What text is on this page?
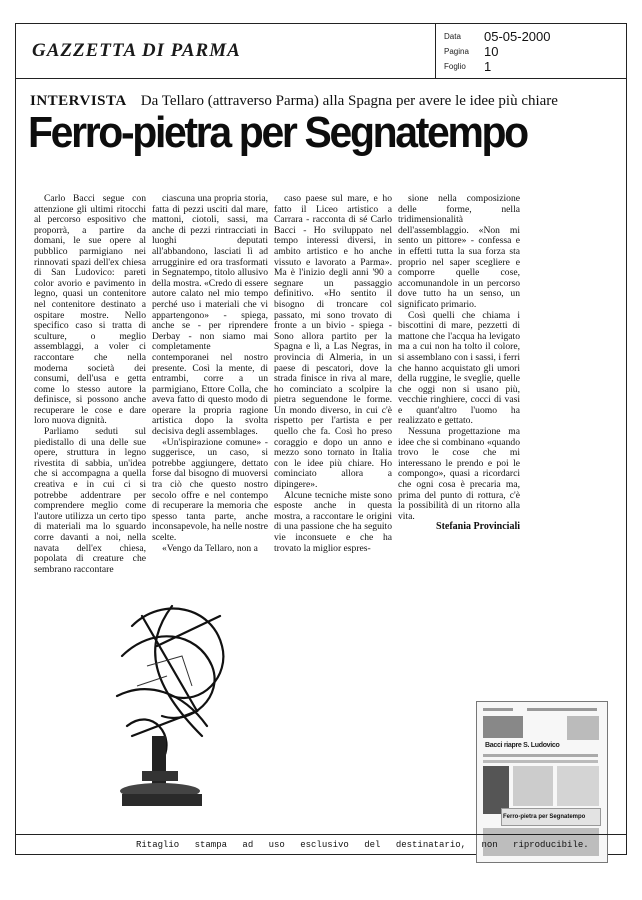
GAZZETTA DI PARMA
Data 05-05-2000
Pagina 10
Foglio 1
INTERVISTA Da Tellaro (attraverso Parma) alla Spagna per avere le idee più chiare
Ferro-pietra per Segnatempo

Carlo Bacci segue con attenzione gli ultimi ritocchi al percorso espositivo che proporrà, a partire da domani, le sue opere al pubblico parmigiano nei rinnovati spazi dell'ex chiesa di San Ludovico: pareti color avorio e pavimento in legno, quasi un contenitore nel contenitore destinato a ospitare mostre. Nello specifico caso si tratta di sculture, o meglio assemblaggi, a voler ci raccontare che nella moderna società dei consumi, dell'usa e getta come lo stesso autore la definisce, si possono anche recuperare le cose e dare loro nuova dignità.

Parliamo seduti sul piedistallo di una delle sue opere, struttura in legno rivestita di sabbia, un'idea che si accompagna a quella creativa e in cui ci si potrebbe addentrare per comprendere meglio come l'autore utilizza un certo tipo di materiali ma lo sguardo corre davanti a noi, nella navata dell'ex chiesa, popolata di creature che sembrano raccontare

ciascuna una propria storia, fatta di pezzi usciti dal mare, mattoni, ciotoli, sassi, ma anche di pezzi rintracciati in luoghi deputati all'abbandono, lasciati lì ad arrugginire ed ora trasformati in Segnatempo, titolo allusivo della mostra. «Credo di essere autore calato nel mio tempo perché uso i materiali che vi appartengono» - spiega, anche se - per riprendere Derbay - non siamo mai completamente contemporanei nel nostro presente. Così la mente, di entrambi, corre a un parmigiano, Ettore Colla, che aveva fatto di questo modo di operare la propria ragione artistica dopo la svolta decisiva degli assemblages.

«Un'ispirazione comune» - suggerisce, un caso, si potrebbe aggiungere, dettato forse dal bisogno di muoversi tra ciò che questo nostro secolo offre e nel contempo di recuperare la memoria che spesso tanta parte, anche inconsapevole, ha nelle nostre scelte.

«Vengo da Tellaro, non a

caso paese sul mare, e ho fatto il Liceo artistico a Carrara - racconta di sé Carlo Bacci - Ho sviluppato nel tempo interessi diversi, in ambito artistico e ho anche vissuto e lavorato a Parma». Ma è l'inizio degli anni '90 a segnare un passaggio definitivo. «Ho sentito il bisogno di troncare col passato, mi sono trovato di fronte a un bivio - spiega - Sono allora partito per la Spagna e lì, a Las Negras, in provincia di Almeria, in un paese di pescatori, dove la strada finisce in riva al mare, ho cominciato a scolpire la pietra seguendone le forme. Un mondo diverso, in cui c'è rispetto per l'artista e per quello che fa. Così ho preso coraggio e dopo un anno e mezzo sono tornato in Italia con le idee più chiare. Ho cominciato allora a dipingere».

Alcune tecniche miste sono esposte anche in questa mostra, a raccontare le origini di una passione che ha seguito vie inconsuete e che ha trovato la miglior espres-

sione nella composizione delle forme, nella tridimensionalità dell'assemblaggio. «Non mi sento un pittore» - confessa e in effetti tutta la sua forza sta proprio nel saper scegliere e comporre quelle cose, accomunandole in un percorso dove tutto ha un senso, un significato primario.

Così quelli che chiama i biscottini di mare, pezzetti di mattone che l'acqua ha levigato ma a cui non ha tolto il colore, si assemblano con i sassi, i ferri che hanno acquistato gli umori della ruggine, le sveglie, quelle che oggi non si usano più, vecchie ringhiere, cocci di vasi e quant'altro l'uomo ha realizzato e gettato.

Nessuna progettazione ma idee che si combinano «quando trovo le cose che mi interessano le prendo e poi le compongo», quasi a ricordarci che ogni cosa è precaria ma, prima del punto di rottura, c'è la possibilità di un ritorno alla vita.

Stefania Provinciali

Bacci riapre S. Ludovico
Ferro-pietra per Segnatempo
Ritaglio stampa ad uso esclusivo del destinatario, non riproducibile.
